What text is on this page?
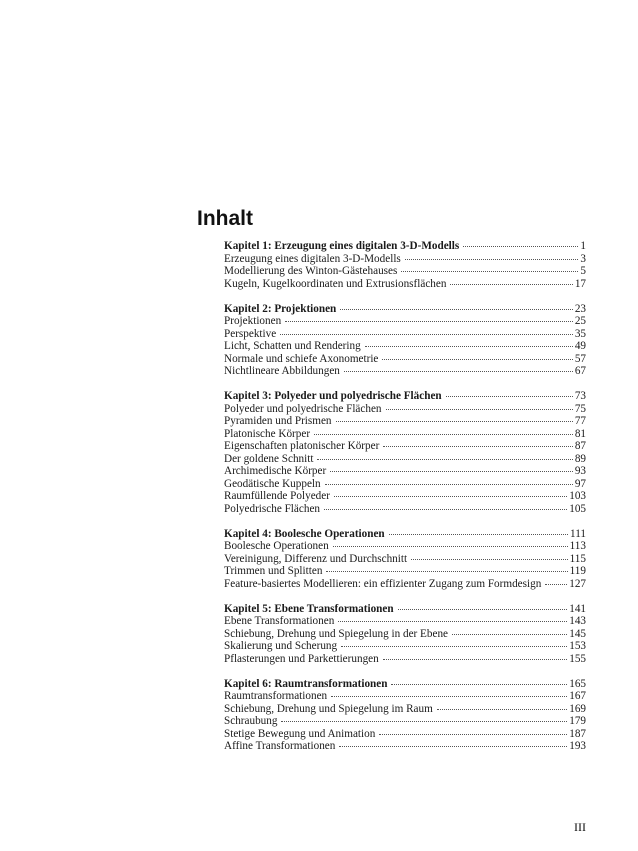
Inhalt
Kapitel 1: Erzeugung eines digitalen 3-D-Modells	1
Erzeugung eines digitalen 3-D-Modells	3
Modellierung des Winton-Gästehauses	5
Kugeln, Kugelkoordinaten und Extrusionsflächen	17
Kapitel 2: Projektionen	23
Projektionen	25
Perspektive	35
Licht, Schatten und Rendering	49
Normale und schiefe Axonometrie	57
Nichtlineare Abbildungen	67
Kapitel 3: Polyeder und polyedrische Flächen	73
Polyeder und polyedrische Flächen	75
Pyramiden und Prismen	77
Platonische Körper	81
Eigenschaften platonischer Körper	87
Der goldene Schnitt	89
Archimedische Körper	93
Geodätische Kuppeln	97
Raumfüllende Polyeder	103
Polyedrische Flächen	105
Kapitel 4: Boolesche Operationen	111
Boolesche Operationen	113
Vereinigung, Differenz und Durchschnitt	115
Trimmen und Splitten	119
Feature-basiertes Modellieren: ein effizienter Zugang zum Formdesign 127
Kapitel 5: Ebene Transformationen	141
Ebene Transformationen	143
Schiebung, Drehung und Spiegelung in der Ebene	145
Skalierung und Scherung	153
Pflasterungen und Parkettierungen	155
Kapitel 6: Raumtransformationen	165
Raumtransformationen	167
Schiebung, Drehung und Spiegelung im Raum	169
Schraubung	179
Stetige Bewegung und Animation	187
Affine Transformationen	193
III
